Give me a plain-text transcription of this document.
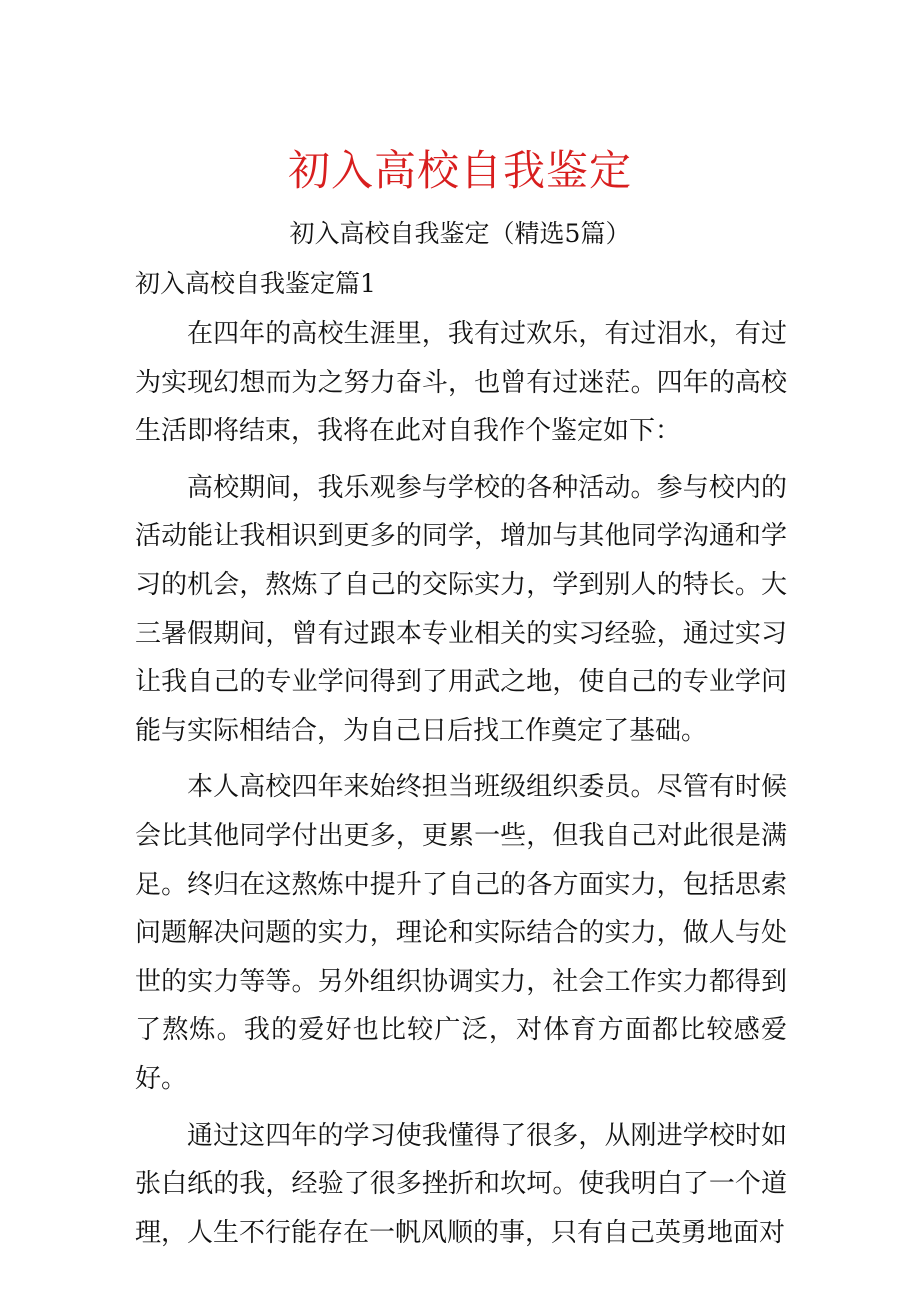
初入高校自我鉴定
初入高校自我鉴定（精选5篇）
初入高校自我鉴定篇1

在四年的高校生涯里，我有过欢乐，有过泪水，有过为实现幻想而为之努力奋斗，也曾有过迷茫。四年的高校生活即将结束，我将在此对自我作个鉴定如下：

高校期间，我乐观参与学校的各种活动。参与校内的活动能让我相识到更多的同学，增加与其他同学沟通和学习的机会，熬炼了自己的交际实力，学到别人的特长。大三暑假期间，曾有过跟本专业相关的实习经验，通过实习让我自己的专业学问得到了用武之地，使自己的专业学问能与实际相结合，为自己日后找工作奠定了基础。

本人高校四年来始终担当班级组织委员。尽管有时候会比其他同学付出更多，更累一些，但我自己对此很是满足。终归在这熬炼中提升了自己的各方面实力，包括思索问题解决问题的实力，理论和实际结合的实力，做人与处世的实力等等。另外组织协调实力，社会工作实力都得到了熬炼。我的爱好也比较广泛，对体育方面都比较感爱好。

通过这四年的学习使我懂得了很多，从刚进学校时如张白纸的我，经验了很多挫折和坎坷。使我明白了一个道理，人生不行能存在一帆风顺的事，只有自己英勇地面对
